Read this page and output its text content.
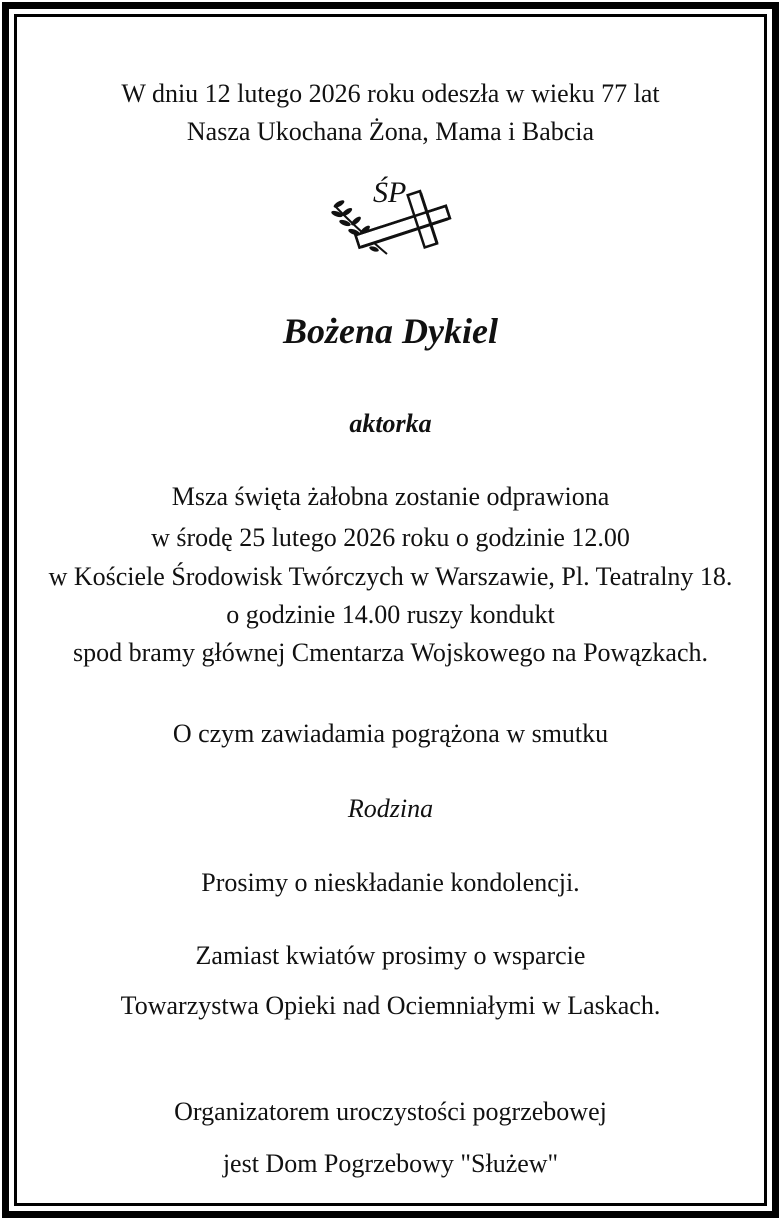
W dniu 12 lutego 2026 roku odeszła w wieku 77 lat
Nasza Ukochana Żona, Mama i Babcia
ŚP
Bożena Dykiel
aktorka
Msza święta żałobna zostanie odprawiona
w środę 25 lutego 2026 roku o godzinie 12.00
w Kościele Środowisk Twórczych w Warszawie, Pl. Teatralny 18.
o godzinie 14.00 ruszy kondukt
spod bramy głównej Cmentarza Wojskowego na Powązkach.
O czym zawiadamia pogrążona w smutku
Rodzina
Prosimy o nieskładanie kondolencji.
Zamiast kwiatów prosimy o wsparcie
Towarzystwa Opieki nad Ociemniałymi w Laskach.
Organizatorem uroczystości pogrzebowej
jest Dom Pogrzebowy "Służew"
